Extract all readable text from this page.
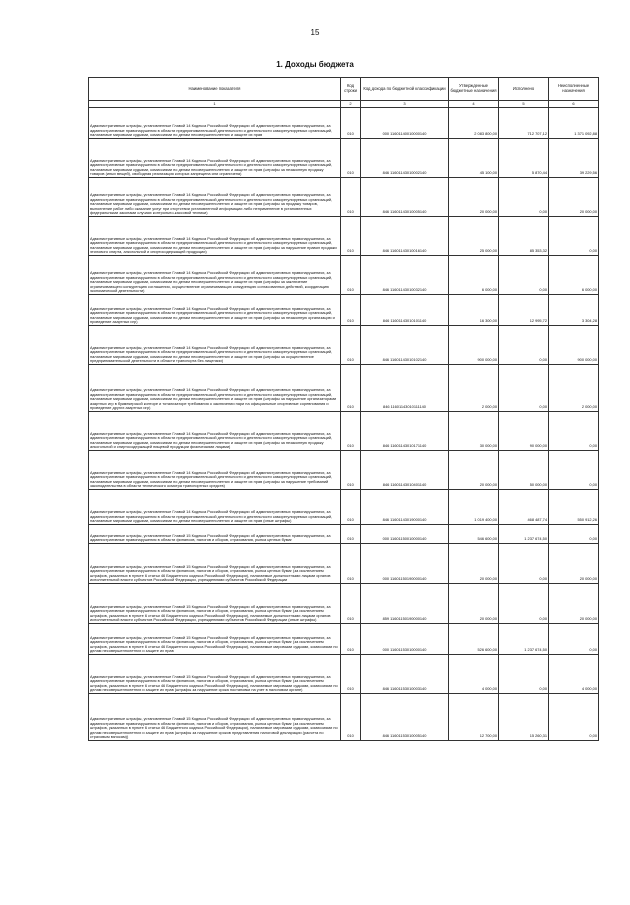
15
1. Доходы бюджета
Наименование показателя	Код строки	Код дохода по бюджетной классификации	Утвержденные бюджетные назначения	Исполнено	Неисполненные назначения
1	2	3	4	5	6
Административные штрафы, установленные Главой 14 Кодекса Российской Федерации об административных правонарушениях, за административные правонарушения в области предпринимательской деятельности и деятельности саморегулируемых организаций, налагаемые мировыми судьями, комиссиями по делам несовершеннолетних и защите их прав	010	000 11601140010000140	2 083 800,00	712 707,12	1 371 092,88
Административные штрафы, установленные Главой 14 Кодекса Российской Федерации об административных правонарушениях, за административные правонарушения в области предпринимательской деятельности и деятельности саморегулируемых организаций, налагаемые мировыми судьями, комиссиями по делам несовершеннолетних и защите их прав (штрафы за незаконную продажу товаров (иных вещей), свободная реализация которых запрещена или ограничена)	010	846 11601143010002140	45 100,00	5 870,44	39 229,56
Административные штрафы, установленные Главой 14 Кодекса Российской Федерации об административных правонарушениях, за административные правонарушения в области предпринимательской деятельности и деятельности саморегулируемых организаций, налагаемые мировыми судьями, комиссиями по делам несовершеннолетних и защите их прав (штрафы за продажу товаров, выполнение работ либо оказание услуг при отсутствии установленной информации либо неприменение в установленных федеральными законами случаях контрольно-кассовой техники)	010	846 11601143010005140	20 000,00	0,00	20 000,00
Административные штрафы, установленные Главой 14 Кодекса Российской Федерации об административных правонарушениях, за административные правонарушения в области предпринимательской деятельности и деятельности саморегулируемых организаций, налагаемые мировыми судьями, комиссиями по делам несовершеннолетних и защите их прав (штрафы за нарушение правил продажи этилового спирта, алкогольной и спиртосодержащей продукции)	010	846 11601143010016140	25 000,00	85 353,32	0,00
Административные штрафы, установленные Главой 14 Кодекса Российской Федерации об административных правонарушениях, за административные правонарушения в области предпринимательской деятельности и деятельности саморегулируемых организаций, налагаемые мировыми судьями, комиссиями по делам несовершеннолетних и защите их прав (штрафы за заключение ограничивающего конкуренцию соглашения, осуществление ограничивающих конкуренцию согласованных действий, координацию экономической деятельности)	010	846 11601143010032140	6 000,00	0,00	6 000,00
Административные штрафы, установленные Главой 14 Кодекса Российской Федерации об административных правонарушениях, за административные правонарушения в области предпринимательской деятельности и деятельности саморегулируемых организаций, налагаемые мировыми судьями, комиссиями по делам несовершеннолетних и защите их прав (штрафы за незаконную организацию и проведение азартных игр)	010	846 11601143010101140	16 300,00	12 995,72	3 304,28
Административные штрафы, установленные Главой 14 Кодекса Российской Федерации об административных правонарушениях, за административные правонарушения в области предпринимательской деятельности и деятельности саморегулируемых организаций, налагаемые мировыми судьями, комиссиями по делам несовершеннолетних и защите их прав (штрафы за осуществление предпринимательской деятельности в области транспорта без лицензии)	010	846 11601143010102140	900 000,00	0,00	900 000,00
Административные штрафы, установленные Главой 14 Кодекса Российской Федерации об административных правонарушениях, за административные правонарушения в области предпринимательской деятельности и деятельности саморегулируемых организаций, налагаемые мировыми судьями, комиссиями по делам несовершеннолетних и защите их прав (штрафы за нарушение организаторами азартных игр в букмекерской конторе и тотализаторе требования о заключении пари на официальные спортивные соревнования и проведение других азартных игр)	010	846 11601143010111140	2 000,00	0,00	2 000,00
Административные штрафы, установленные Главой 14 Кодекса Российской Федерации об административных правонарушениях, за административные правонарушения в области предпринимательской деятельности и деятельности саморегулируемых организаций, налагаемые мировыми судьями, комиссиями по делам несовершеннолетних и защите их прав (штрафы за незаконную продажу алкогольной и спиртосодержащей пищевой продукции физическими лицами)	010	846 11601143010171140	30 000,00	90 000,00	0,00
Административные штрафы, установленные Главой 14 Кодекса Российской Федерации об административных правонарушениях, за административные правонарушения в области предпринимательской деятельности и деятельности саморегулируемых организаций, налагаемые мировыми судьями, комиссиями по делам несовершеннолетних и защите их прав (штрафы за нарушение требований законодательства в области технического осмотра транспортных средств)	010	846 11601143010401140	20 000,00	50 000,00	0,00
Административные штрафы, установленные Главой 14 Кодекса Российской Федерации об административных правонарушениях, за административные правонарушения в области предпринимательской деятельности и деятельности саморегулируемых организаций, налагаемые мировыми судьями, комиссиями по делам несовершеннолетних и защите их прав (иные штрафы)	010	846 11601143019000140	1 019 400,00	468 487,74	550 912,26
Административные штрафы, установленные Главой 15 Кодекса Российской Федерации об административных правонарушениях, за административные правонарушения в области финансов, налогов и сборов, страхования, рынка ценных бумаг	010	000 11601150010000140	546 600,00	1 237 674,50	0,00
Административные штрафы, установленные Главой 15 Кодекса Российской Федерации об административных правонарушениях, за административные правонарушения в области финансов, налогов и сборов, страхования, рынка ценных бумаг (за исключением штрафов, указанных в пункте 6 статьи 46 Бюджетного кодекса Российской Федерации), налагаемые должностными лицами органов исполнительной власти субъектов Российской Федерации, учреждениями субъектов Российской Федерации	010	000 11601150190000140	20 000,00	0,00	20 000,00
Административные штрафы, установленные Главой 15 Кодекса Российской Федерации об административных правонарушениях, за административные правонарушения в области финансов, налогов и сборов, страхования, рынка ценных бумаг (за исключением штрафов, указанных в пункте 6 статьи 46 Бюджетного кодекса Российской Федерации), налагаемые должностными лицами органов исполнительной власти субъектов Российской Федерации, учреждениями субъектов Российской Федерации (иные штрафы)	010	859 11601150190000140	20 000,00	0,00	20 000,00
Административные штрафы, установленные Главой 15 Кодекса Российской Федерации об административных правонарушениях, за административные правонарушения в области финансов, налогов и сборов, страхования, рынка ценных бумаг (за исключением штрафов, указанных в пункте 6 статьи 46 Бюджетного кодекса Российской Федерации), налагаемые мировыми судьями, комиссиями по делам несовершеннолетних и защите их прав	010	000 11601153010000140	526 600,00	1 237 674,50	0,00
Административные штрафы, установленные Главой 15 Кодекса Российской Федерации об административных правонарушениях, за административные правонарушения в области финансов, налогов и сборов, страхования, рынка ценных бумаг (за исключением штрафов, указанных в пункте 6 статьи 46 Бюджетного кодекса Российской Федерации), налагаемые мировыми судьями, комиссиями по делам несовершеннолетних и защите их прав (штрафы за нарушение срока постановки на учет в налоговом органе)	010	846 11601153010003140	4 000,00	0,00	4 000,00
Административные штрафы, установленные Главой 15 Кодекса Российской Федерации об административных правонарушениях, за административные правонарушения в области финансов, налогов и сборов, страхования, рынка ценных бумаг (за исключением штрафов, указанных в пункте 6 статьи 46 Бюджетного кодекса Российской Федерации), налагаемые мировыми судьями, комиссиями по делам несовершеннолетних и защите их прав (штрафы за нарушение сроков представления налоговой декларации (расчета по страховым взносам))	010	846 11601153010005140	12 700,00	15 260,31	0,00
